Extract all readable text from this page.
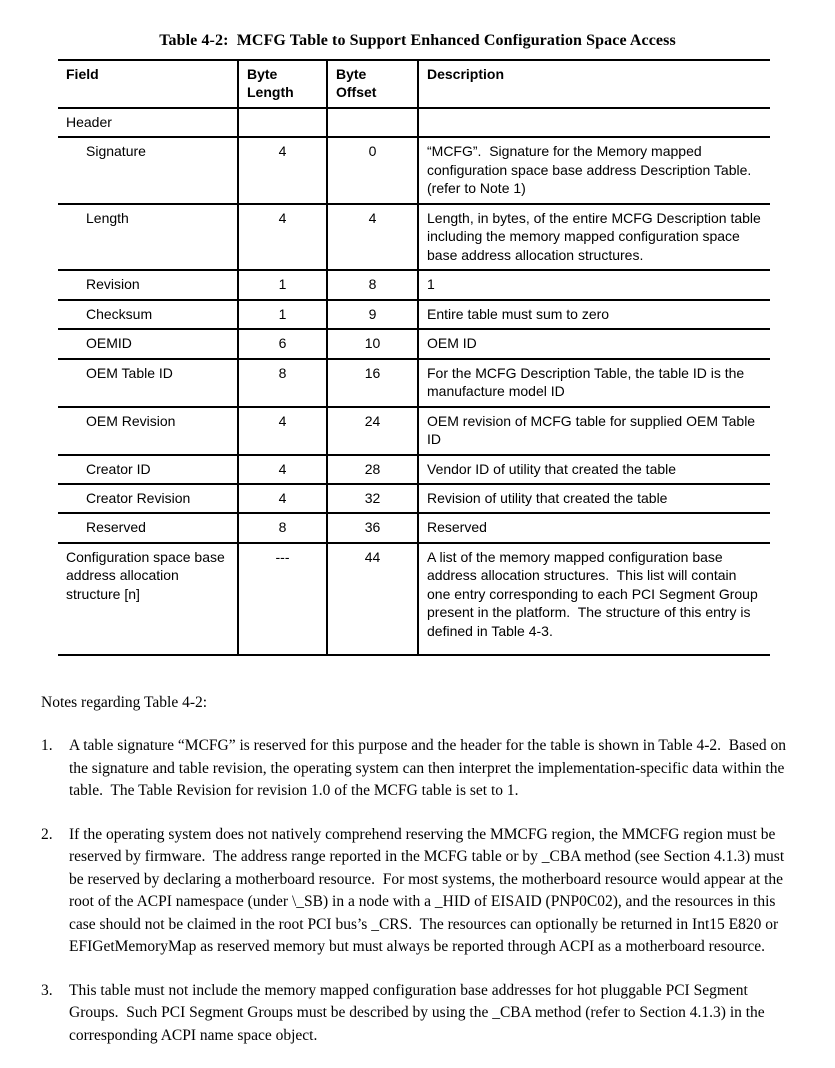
Table 4-2:  MCFG Table to Support Enhanced Configuration Space Access
Field	Byte Length	Byte Offset	Description
Header			
Signature	4	0	“MCFG”.  Signature for the Memory mapped configuration space base address Description Table.  (refer to Note 1)
Length	4	4	Length, in bytes, of the entire MCFG Description table including the memory mapped configuration space base address allocation structures.
Revision	1	8	1
Checksum	1	9	Entire table must sum to zero
OEMID	6	10	OEM ID
OEM Table ID	8	16	For the MCFG Description Table, the table ID is the manufacture model ID
OEM Revision	4	24	OEM revision of MCFG table for supplied OEM Table ID
Creator ID	4	28	Vendor ID of utility that created the table
Creator Revision	4	32	Revision of utility that created the table
Reserved	8	36	Reserved
Configuration space base address allocation structure [n]	---	44	A list of the memory mapped configuration base address allocation structures.  This list will contain one entry corresponding to each PCI Segment Group present in the platform.  The structure of this entry is defined in Table 4-3.
Notes regarding Table 4-2:
1.	A table signature “MCFG” is reserved for this purpose and the header for the table is shown in Table 4-2.  Based on the signature and table revision, the operating system can then interpret the implementation-specific data within the table.  The Table Revision for revision 1.0 of the MCFG table is set to 1.
2.	If the operating system does not natively comprehend reserving the MMCFG region, the MMCFG region must be reserved by firmware.  The address range reported in the MCFG table or by _CBA method (see Section 4.1.3) must be reserved by declaring a motherboard resource.  For most systems, the motherboard resource would appear at the root of the ACPI namespace (under \_SB) in a node with a _HID of EISAID (PNP0C02), and the resources in this case should not be claimed in the root PCI bus’s _CRS.  The resources can optionally be returned in Int15 E820 or EFIGetMemoryMap as reserved memory but must always be reported through ACPI as a motherboard resource.
3.	This table must not include the memory mapped configuration base addresses for hot pluggable PCI Segment Groups.  Such PCI Segment Groups must be described by using the _CBA method (refer to Section 4.1.3) in the corresponding ACPI name space object.
